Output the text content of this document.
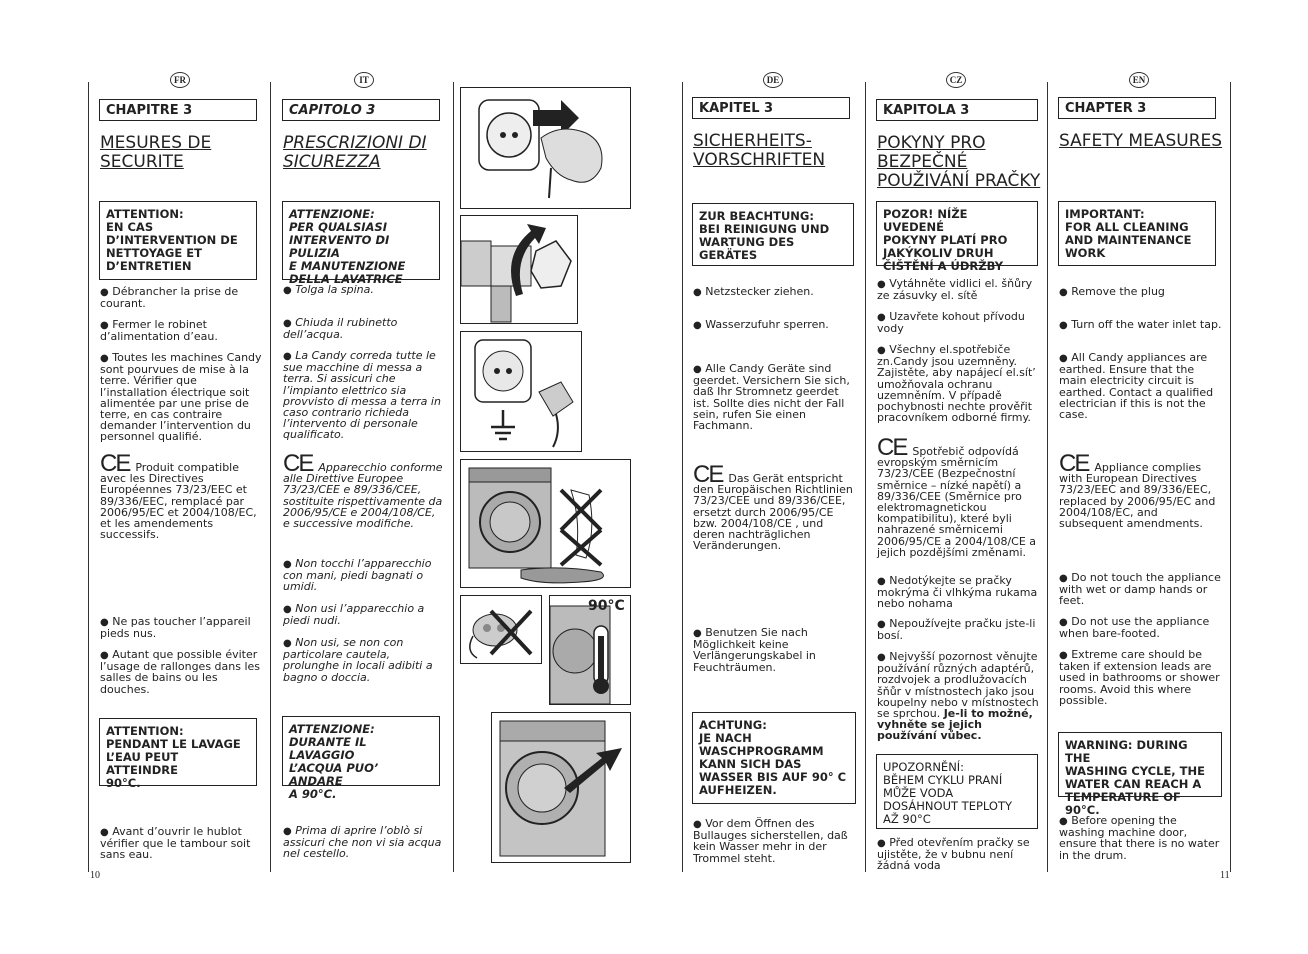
FR
CHAPITRE 3
MESURES DE
SECURITE
ATTENTION:
EN CAS
D’INTERVENTION DE
NETTOYAGE ET
D’ENTRETIEN
● Débrancher la prise de courant.
● Fermer le robinet d’alimentation d’eau.
● Toutes les machines Candy sont pourvues de mise à la terre. Vérifier que l’installation électrique soit alimentée par une prise de terre, en cas contraire demander l’intervention du personnel qualifié.
CE Produit compatible avec les Directives Européennes 73/23/EEC et 89/336/EEC, remplacé par 2006/95/EC et 2004/108/EC, et les amendements successifs.
● Ne pas toucher l’appareil pieds nus.
● Autant que possible éviter l’usage de rallonges dans les salles de bains ou les douches.
ATTENTION:
PENDANT LE LAVAGE
L’EAU PEUT ATTEINDRE
90°C.
● Avant d’ouvrir le hublot vérifier que le tambour soit sans eau.
10
IT
CAPITOLO 3
PRESCRIZIONI DI
SICUREZZA
ATTENZIONE:
PER QUALSIASI
INTERVENTO DI PULIZIA
E MANUTENZIONE
DELLA LAVATRICE
● Tolga la spina.
● Chiuda il rubinetto dell’acqua.
● La Candy correda tutte le sue macchine di messa a terra. Si assicuri che l’impianto elettrico sia provvisto di messa a terra in caso contrario richieda l’intervento di personale qualificato.
CE Apparecchio conforme alle Direttive Europee 73/23/CEE e 89/336/CEE, sostituite rispettivamente da 2006/95/CE e 2004/108/CE, e successive modifiche.
● Non tocchi l’apparecchio con mani, piedi bagnati o umidi.
● Non usi l’apparecchio a piedi nudi.
● Non usi, se non con particolare cautela, prolunghe in locali adibiti a bagno o doccia.
ATTENZIONE:
DURANTE IL LAVAGGIO
L’ACQUA PUO’ ANDARE
A 90°C.
● Prima di aprire l’oblò si assicuri che non vi sia acqua nel cestello.
90°C
DE
KAPITEL 3
SICHERHEITS-
VORSCHRIFTEN
ZUR BEACHTUNG:
BEI REINIGUNG UND
WARTUNG DES
GERÄTES
● Netzstecker ziehen.
● Wasserzufuhr sperren.
● Alle Candy Geräte sind geerdet. Versichern Sie sich, daß Ihr Stromnetz geerdet ist. Sollte dies nicht der Fall sein, rufen Sie einen Fachmann.
CE Das Gerät entspricht den Europäischen Richtlinien 73/23/CEE und 89/336/CEE, ersetzt durch 2006/95/CE bzw. 2004/108/CE , und deren nachträglichen Veränderungen.
● Benutzen Sie nach Möglichkeit keine Verlängerungskabel in Feuchträumen.
ACHTUNG:
JE NACH
WASCHPROGRAMM
KANN SICH DAS
WASSER BIS AUF 90° C
AUFHEIZEN.
● Vor dem Öffnen des Bullauges sicherstellen, daß kein Wasser mehr in der Trommel steht.
CZ
KAPITOLA 3
POKYNY PRO
BEZPEČNÉ
POUŽIVÁNÍ PRAČKY
POZOR! NÍŽE UVEDENÉ
POKYNY PLATÍ PRO
JAKÝKOLIV DRUH
ČIŠTĚNÍ A ÚDRŽBY
● Vytáhněte vidlici el. šňůry ze zásuvky el. sítě
● Uzavřete kohout přívodu vody
● Všechny el.spotřebiče zn.Candy jsou uzemněny. Zajistěte, aby napájecí el.sít’ umožňovala ochranu uzemněním. V případě pochybnosti nechte prověřit pracovníkem odborné firmy.
CE Spotřebič odpovídá evropským směrnicím 73/23/CEE (Bezpečnostní směrnice – nízké napětí) a 89/336/CEE (Směrnice pro elektromagnetickou kompatibilitu), které byli nahrazené směrnicemi 2006/95/CE a 2004/108/CE a jejich pozdějšími změnami.
● Nedotýkejte se pračky mokrýma či vlhkýma rukama nebo nohama
● Nepoužívejte pračku jste-li bosí.
● Nejvyšší pozornost věnujte používání různých adaptérů, rozdvojek a prodlužovacích šňůr v místnostech jako jsou koupelny nebo v místnostech se sprchou. Je-li to možné, vyhněte se jejich používání vůbec.
UPOZORNĚNÍ:
BĚHEM CYKLU PRANÍ
MŮŽE VODA
DOSÁHNOUT TEPLOTY
AŽ 90°C
● Před otevřením pračky se ujistěte, že v bubnu není žádná voda
EN
CHAPTER 3
SAFETY MEASURES
IMPORTANT:
FOR ALL CLEANING
AND MAINTENANCE
WORK
● Remove the plug
● Turn off the water inlet tap.
● All Candy appliances are earthed. Ensure that the main electricity circuit is earthed. Contact a qualified electrician if this is not the case.
CE Appliance complies with European Directives 73/23/EEC and 89/336/EEC, replaced by 2006/95/EC and 2004/108/EC, and subsequent amendments.
● Do not touch the appliance with wet or damp hands or feet.
● Do not use the appliance when bare-footed.
● Extreme care should be taken if extension leads are used in bathrooms or shower rooms. Avoid this where possible.
WARNING: DURING THE
WASHING CYCLE, THE
WATER CAN REACH A
TEMPERATURE OF 90°C.
● Before opening the washing machine door, ensure that there is no water in the drum.
11
